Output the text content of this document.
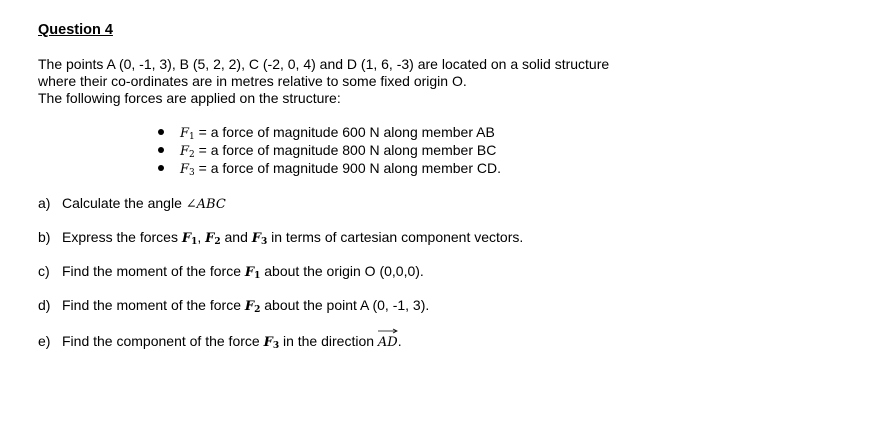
Question 4
The points A (0, -1, 3), B (5, 2, 2), C (-2, 0, 4) and D (1, 6, -3) are located on a solid structure
where their co-ordinates are in metres relative to some fixed origin O.
The following forces are applied on the structure:
$F_1 = a$ force of magnitude 600 N along member AB
$F_2 = a$ force of magnitude 800 N along member BC
$F_3 = a$ force of magnitude 900 N along member CD.
a) Calculate the angle ∠ABC
b) Express the forces $F_1$, $F_2$ and $F_3$ in terms of cartesian component vectors.
c) Find the moment of the force $F_1$ about the origin O (0,0,0).
d) Find the moment of the force $F_2$ about the point A (0, -1, 3).
e) Find the component of the force $F_3$ in the direction AD.
